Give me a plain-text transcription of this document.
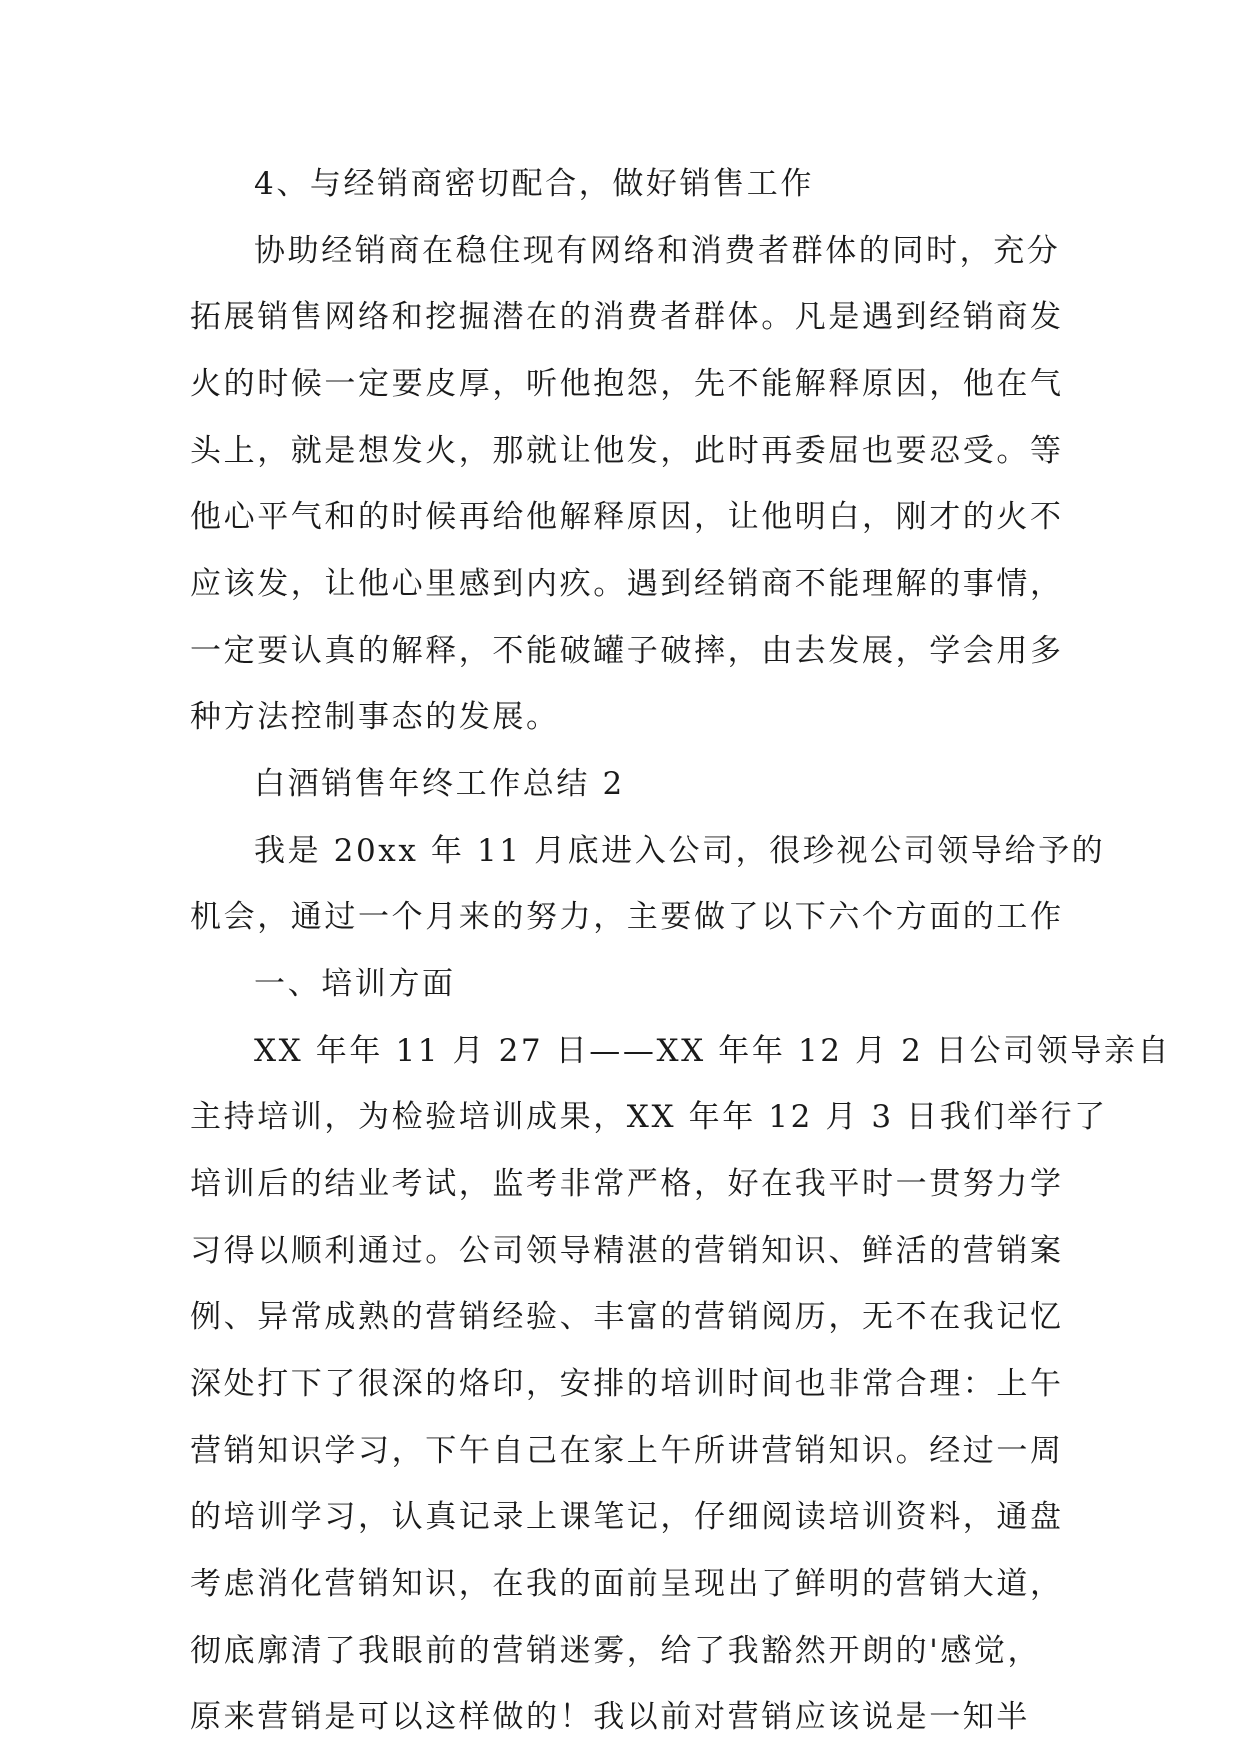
4、与经销商密切配合，做好销售工作
协助经销商在稳住现有网络和消费者群体的同时，充分
拓展销售网络和挖掘潜在的消费者群体。凡是遇到经销商发
火的时候一定要皮厚，听他抱怨，先不能解释原因，他在气
头上，就是想发火，那就让他发，此时再委屈也要忍受。等
他心平气和的时候再给他解释原因，让他明白，刚才的火不
应该发，让他心里感到内疚。遇到经销商不能理解的事情，
一定要认真的解释，不能破罐子破摔，由去发展，学会用多
种方法控制事态的发展。
白酒销售年终工作总结 2
我是 20xx 年 11 月底进入公司，很珍视公司领导给予的
机会，通过一个月来的努力，主要做了以下六个方面的工作
一、培训方面
XX 年年 11 月 27 日——XX 年年 12 月 2 日公司领导亲自
主持培训，为检验培训成果，XX 年年 12 月 3 日我们举行了
培训后的结业考试，监考非常严格，好在我平时一贯努力学
习得以顺利通过。公司领导精湛的营销知识、鲜活的营销案
例、异常成熟的营销经验、丰富的营销阅历，无不在我记忆
深处打下了很深的烙印，安排的培训时间也非常合理：上午
营销知识学习，下午自己在家上午所讲营销知识。经过一周
的培训学习，认真记录上课笔记，仔细阅读培训资料，通盘
考虑消化营销知识，在我的面前呈现出了鲜明的营销大道，
彻底廓清了我眼前的营销迷雾，给了我豁然开朗的'感觉，
原来营销是可以这样做的！我以前对营销应该说是一知半
